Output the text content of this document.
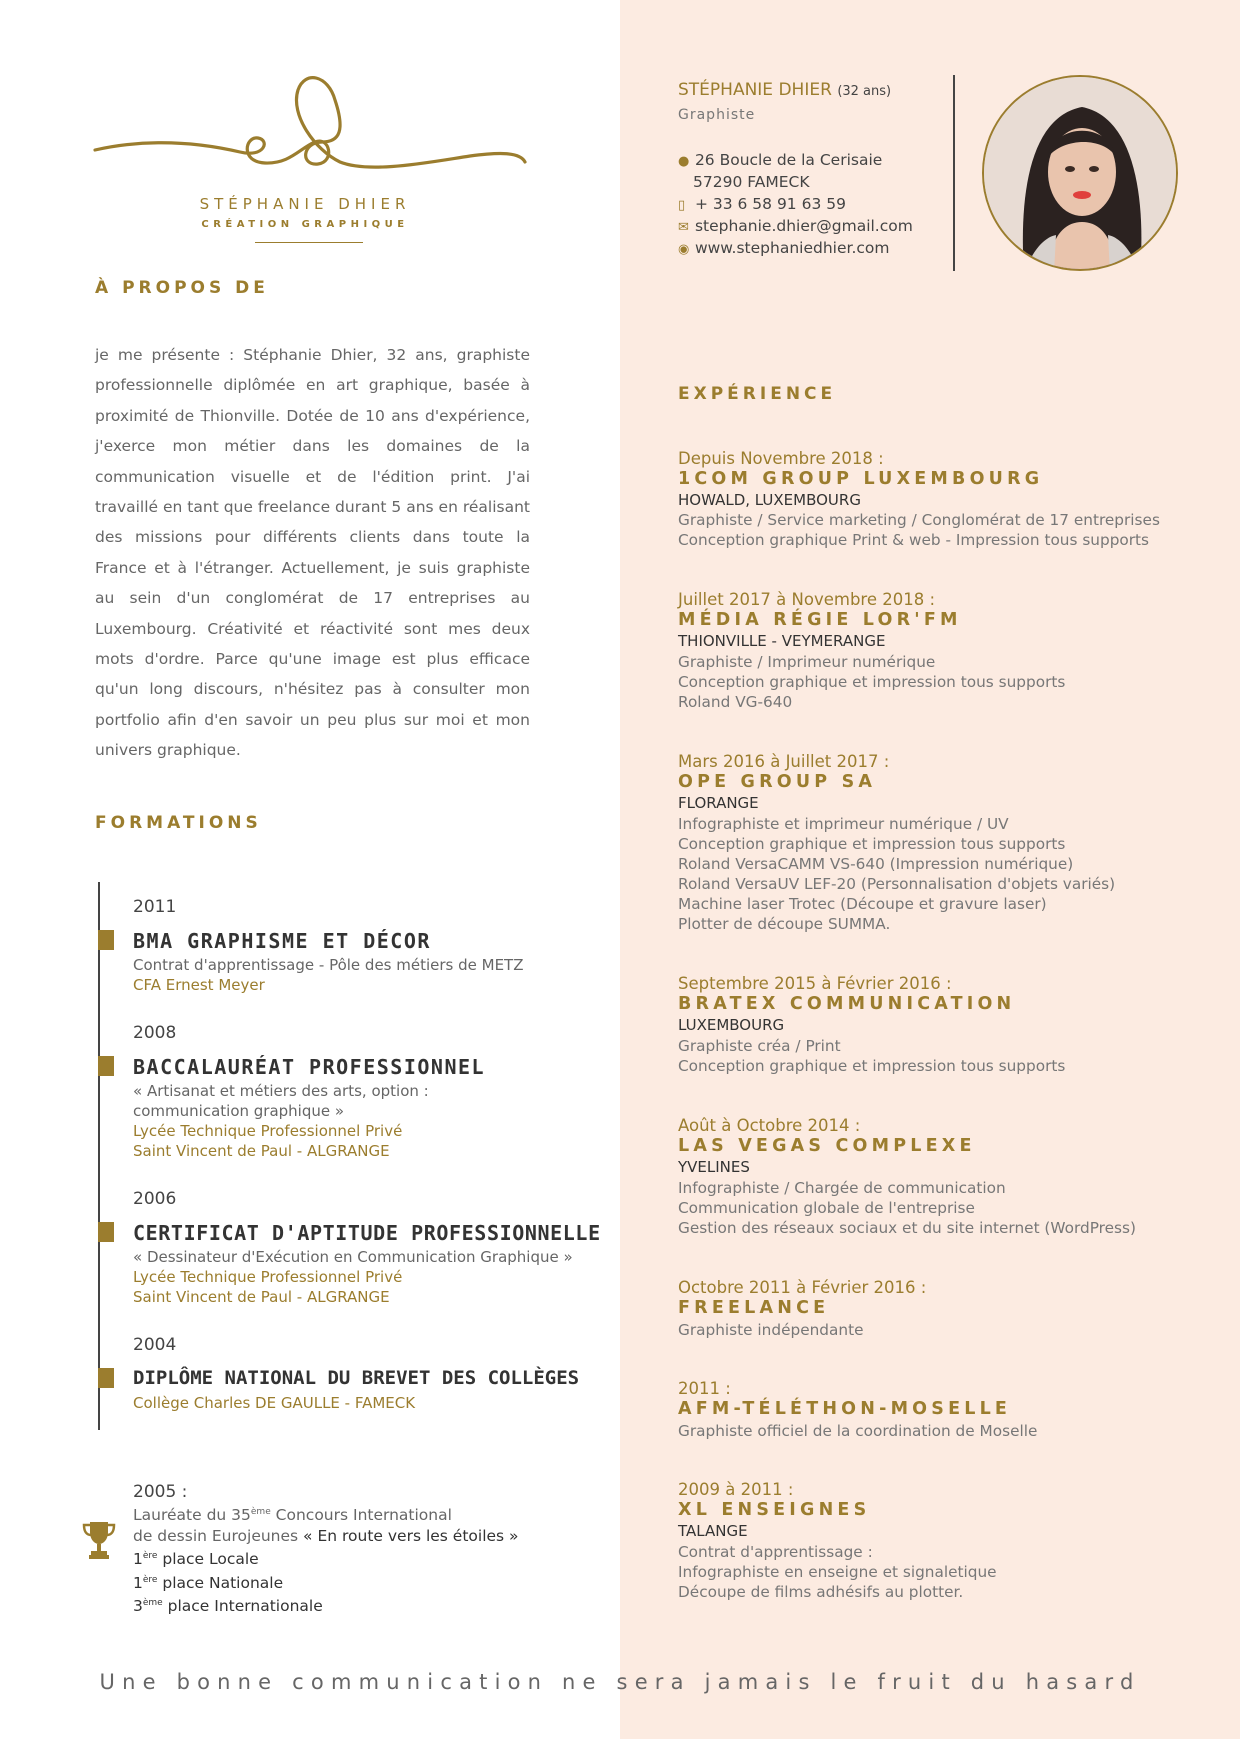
STÉPHANIE DHIER
CRÉATION GRAPHIQUE
À PROPOS DE
je me présente : Stéphanie Dhier, 32 ans, graphiste professionnelle diplômée en art graphique, basée à proximité de Thionville. Dotée de 10 ans d'expérience, j'exerce mon métier dans les domaines de la communication visuelle et de l'édition print. J'ai travaillé en tant que freelance durant 5 ans en réalisant des missions pour différents clients dans toute la France et à l'étranger. Actuellement, je suis graphiste au sein d'un conglomérat de 17 entreprises au Luxembourg. Créativité et réactivité sont mes deux mots d'ordre. Parce qu'une image est plus efficace qu'un long discours, n'hésitez pas à consulter mon portfolio afin d'en savoir un peu plus sur moi et mon univers graphique.
FORMATIONS
2011
BMA GRAPHISME ET DÉCOR
Contrat d'apprentissage - Pôle des métiers de METZ
CFA Ernest Meyer
2008
BACCALAURÉAT PROFESSIONNEL
« Artisanat et métiers des arts, option :
communication graphique »
Lycée Technique Professionnel Privé
Saint Vincent de Paul - ALGRANGE
2006
CERTIFICAT D'APTITUDE PROFESSIONNELLE
« Dessinateur d'Exécution en Communication Graphique »
Lycée Technique Professionnel Privé
Saint Vincent de Paul - ALGRANGE
2004
DIPLÔME NATIONAL DU BREVET DES COLLÈGES
Collège Charles DE GAULLE - FAMECK
2005 :
Lauréate du 35ème Concours International
de dessin Eurojeunes « En route vers les étoiles »
1ère place Locale
1ère place Nationale
3ème place Internationale
STÉPHANIE DHIER (32 ans)
Graphiste
● 26 Boucle de la Cerisaie
57290 FAMECK
▯ + 33 6 58 91 63 59
✉ stephanie.dhier@gmail.com
◉ www.stephaniedhier.com
EXPÉRIENCE
Depuis Novembre 2018 :
1COM GROUP LUXEMBOURG
HOWALD, LUXEMBOURG
Graphiste / Service marketing / Conglomérat de 17 entreprises
Conception graphique Print & web - Impression tous supports
Juillet 2017 à Novembre 2018 :
MÉDIA RÉGIE LOR'FM
THIONVILLE - VEYMERANGE
Graphiste / Imprimeur numérique
Conception graphique et impression tous supports
Roland VG-640
Mars 2016 à Juillet 2017 :
OPE GROUP SA
FLORANGE
Infographiste et imprimeur numérique / UV
Conception graphique et impression tous supports
Roland VersaCAMM VS-640 (Impression numérique)
Roland VersaUV LEF-20 (Personnalisation d'objets variés)
Machine laser Trotec (Découpe et gravure laser)
Plotter de découpe SUMMA.
Septembre 2015 à Février 2016 :
BRATEX COMMUNICATION
LUXEMBOURG
Graphiste créa / Print
Conception graphique et impression tous supports
Août à Octobre 2014 :
LAS VEGAS COMPLEXE
YVELINES
Infographiste / Chargée de communication
Communication globale de l'entreprise
Gestion des réseaux sociaux et du site internet (WordPress)
Octobre 2011 à Février 2016 :
FREELANCE
Graphiste indépendante
2011 :
AFM-TÉLÉTHON-MOSELLE
Graphiste officiel de la coordination de Moselle
2009 à 2011 :
XL ENSEIGNES
TALANGE
Contrat d'apprentissage :
Infographiste en enseigne et signaletique
Découpe de films adhésifs au plotter.
Une bonne communication ne sera jamais le fruit du hasard
